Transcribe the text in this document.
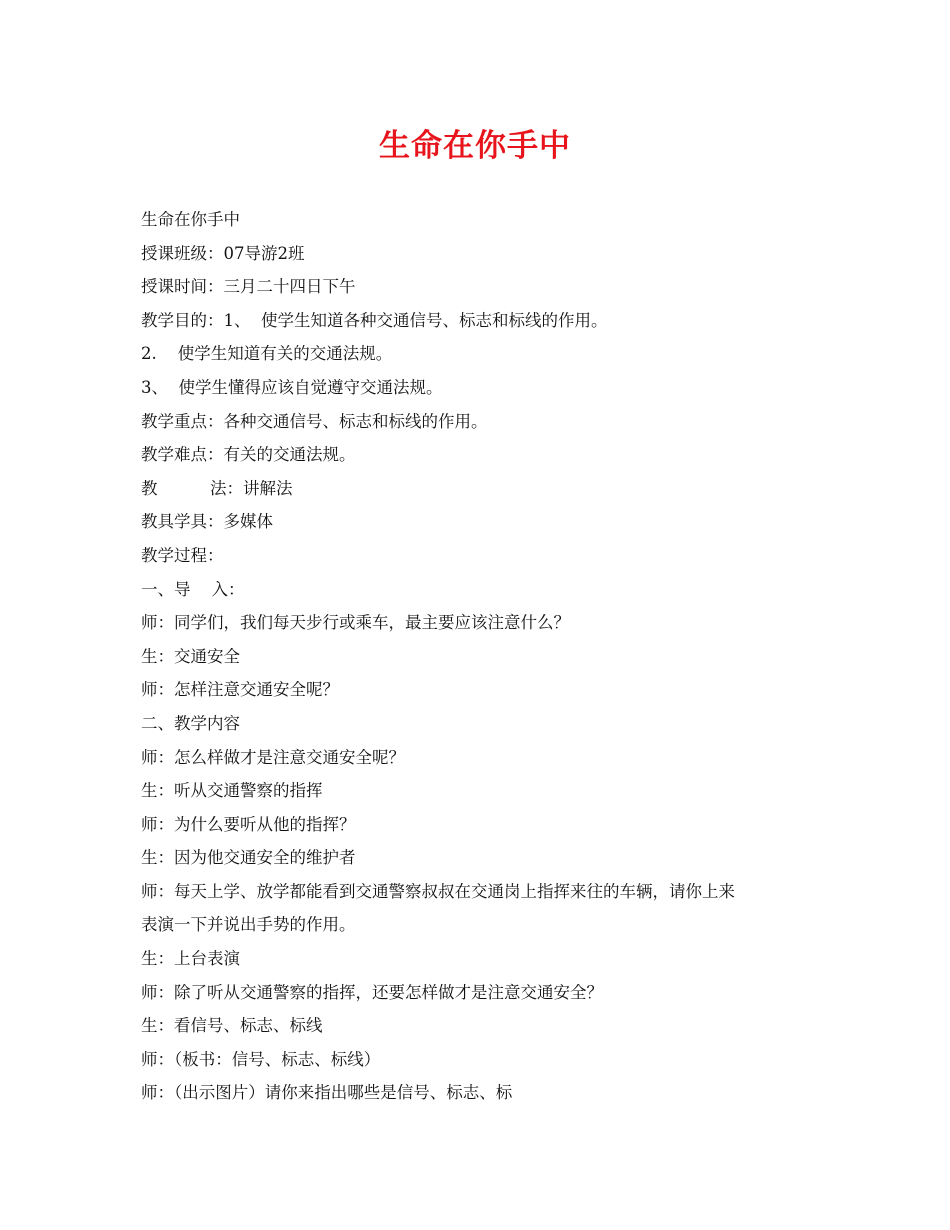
生命在你手中

生命在你手中

授课班级：07导游2班

授课时间：三月二十四日下午

教学目的：1、  使学生知道各种交通信号、标志和标线的作用。

2.    使学生知道有关的交通法规。

3、  使学生懂得应该自觉遵守交通法规。

教学重点：各种交通信号、标志和标线的作用。

教学难点：有关的交通法规。

教          法：讲解法

教具学具：多媒体

教学过程：

一、导    入：

师：同学们，我们每天步行或乘车，最主要应该注意什么？

生：交通安全

师：怎样注意交通安全呢？

二、教学内容

师：怎么样做才是注意交通安全呢？

生：听从交通警察的指挥

师：为什么要听从他的指挥？

生：因为他交通安全的维护者

师：每天上学、放学都能看到交通警察叔叔在交通岗上指挥来往的车辆，请你上来

表演一下并说出手势的作用。

生：上台表演

师：除了听从交通警察的指挥，还要怎样做才是注意交通安全？

生：看信号、标志、标线

师：（板书：信号、标志、标线）

师：（出示图片）请你来指出哪些是信号、标志、标
